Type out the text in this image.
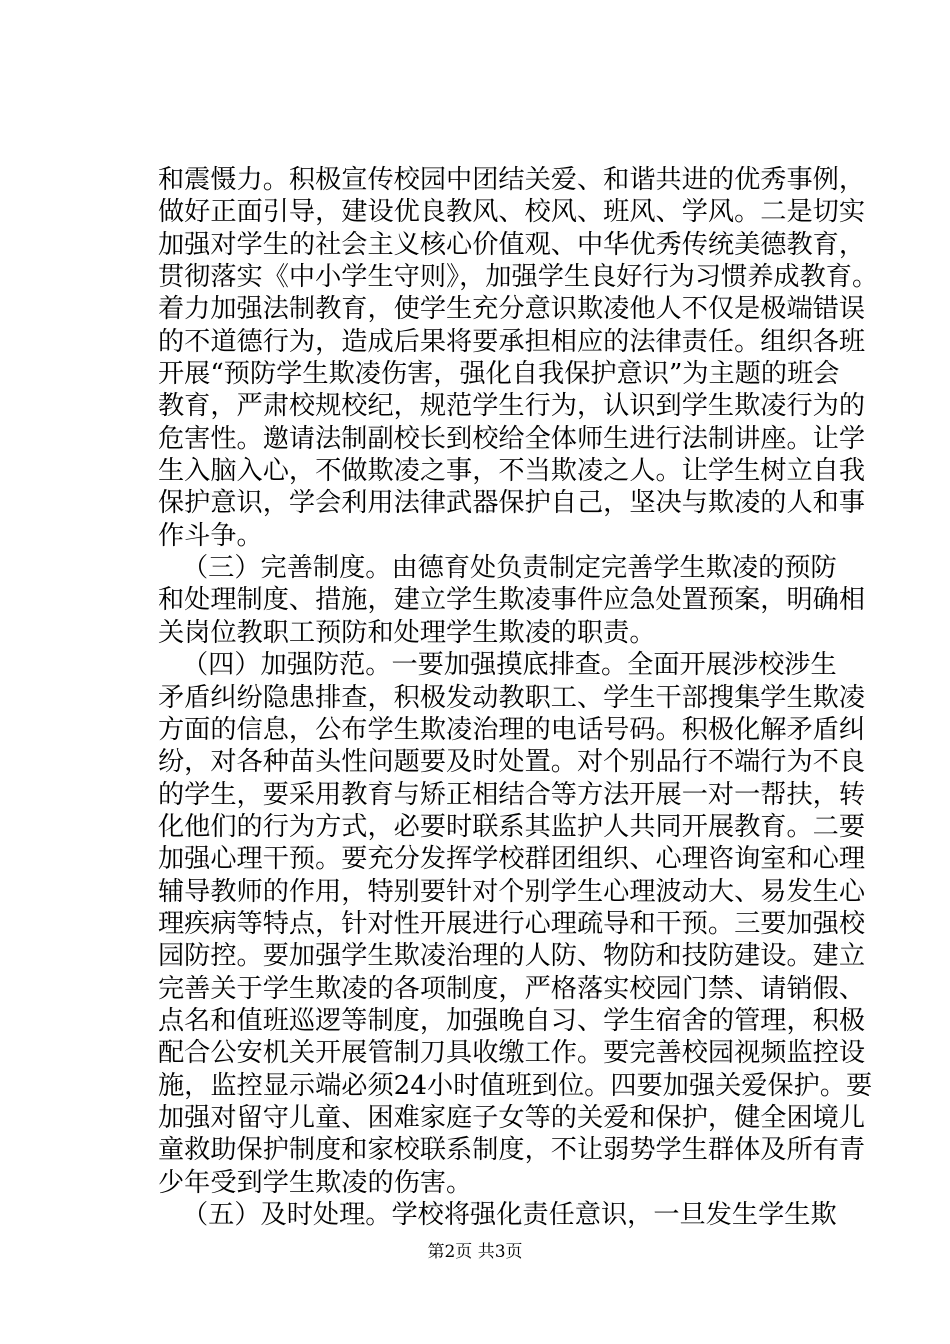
和震慑力。积极宣传校园中团结关爱、和谐共进的优秀事例，
做好正面引导，建设优良教风、校风、班风、学风。二是切实
加强对学生的社会主义核心价值观、中华优秀传统美德教育，
贯彻落实《中小学生守则》，加强学生良好行为习惯养成教育。
着力加强法制教育，使学生充分意识欺凌他人不仅是极端错误
的不道德行为，造成后果将要承担相应的法律责任。组织各班
开展“预防学生欺凌伤害，强化自我保护意识”为主题的班会
教育，严肃校规校纪，规范学生行为，认识到学生欺凌行为的
危害性。邀请法制副校长到校给全体师生进行法制讲座。让学
生入脑入心，不做欺凌之事，不当欺凌之人。让学生树立自我
保护意识，学会利用法律武器保护自己，坚决与欺凌的人和事
作斗争。
（三）完善制度。由德育处负责制定完善学生欺凌的预防
和处理制度、措施，建立学生欺凌事件应急处置预案，明确相
关岗位教职工预防和处理学生欺凌的职责。
（四）加强防范。一要加强摸底排查。全面开展涉校涉生
矛盾纠纷隐患排查，积极发动教职工、学生干部搜集学生欺凌
方面的信息，公布学生欺凌治理的电话号码。积极化解矛盾纠
纷，对各种苗头性问题要及时处置。对个别品行不端行为不良
的学生，要采用教育与矫正相结合等方法开展一对一帮扶，转
化他们的行为方式，必要时联系其监护人共同开展教育。二要
加强心理干预。要充分发挥学校群团组织、心理咨询室和心理
辅导教师的作用，特别要针对个别学生心理波动大、易发生心
理疾病等特点，针对性开展进行心理疏导和干预。三要加强校
园防控。要加强学生欺凌治理的人防、物防和技防建设。建立
完善关于学生欺凌的各项制度，严格落实校园门禁、请销假、
点名和值班巡逻等制度，加强晚自习、学生宿舍的管理，积极
配合公安机关开展管制刀具收缴工作。要完善校园视频监控设
施，监控显示端必须24小时值班到位。四要加强关爱保护。要
加强对留守儿童、困难家庭子女等的关爱和保护，健全困境儿
童救助保护制度和家校联系制度，不让弱势学生群体及所有青
少年受到学生欺凌的伤害。
（五）及时处理。学校将强化责任意识，一旦发生学生欺
第2页 共3页
